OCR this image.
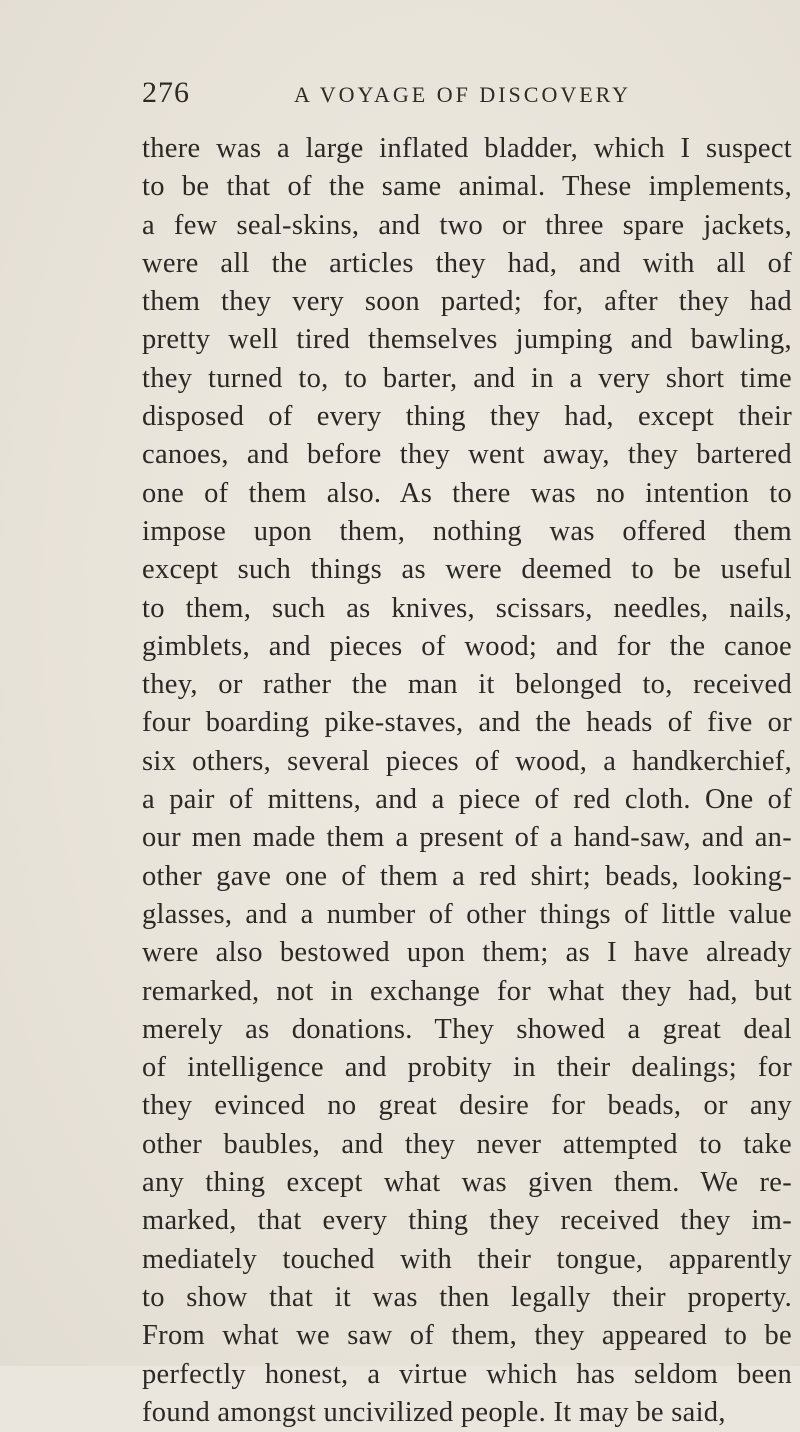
276	A VOYAGE OF DISCOVERY
there was a large inflated bladder, which I suspect
to be that of the same animal. These implements,
a few seal-skins, and two or three spare jackets,
were all the articles they had, and with all of
them they very soon parted; for, after they had
pretty well tired themselves jumping and bawling,
they turned to, to barter, and in a very short time
disposed of every thing they had, except their
canoes, and before they went away, they bartered
one of them also. As there was no intention to
impose upon them, nothing was offered them
except such things as were deemed to be useful
to them, such as knives, scissars, needles, nails,
gimblets, and pieces of wood; and for the canoe
they, or rather the man it belonged to, received
four boarding pike-staves, and the heads of five or
six others, several pieces of wood, a handkerchief,
a pair of mittens, and a piece of red cloth. One of
our men made them a present of a hand-saw, and an-
other gave one of them a red shirt; beads, looking-
glasses, and a number of other things of little value
were also bestowed upon them; as I have already
remarked, not in exchange for what they had, but
merely as donations. They showed a great deal
of intelligence and probity in their dealings; for
they evinced no great desire for beads, or any
other baubles, and they never attempted to take
any thing except what was given them. We re-
marked, that every thing they received they im-
mediately touched with their tongue, apparently
to show that it was then legally their property.
From what we saw of them, they appeared to be
perfectly honest, a virtue which has seldom been
found amongst uncivilized people. It may be said,
